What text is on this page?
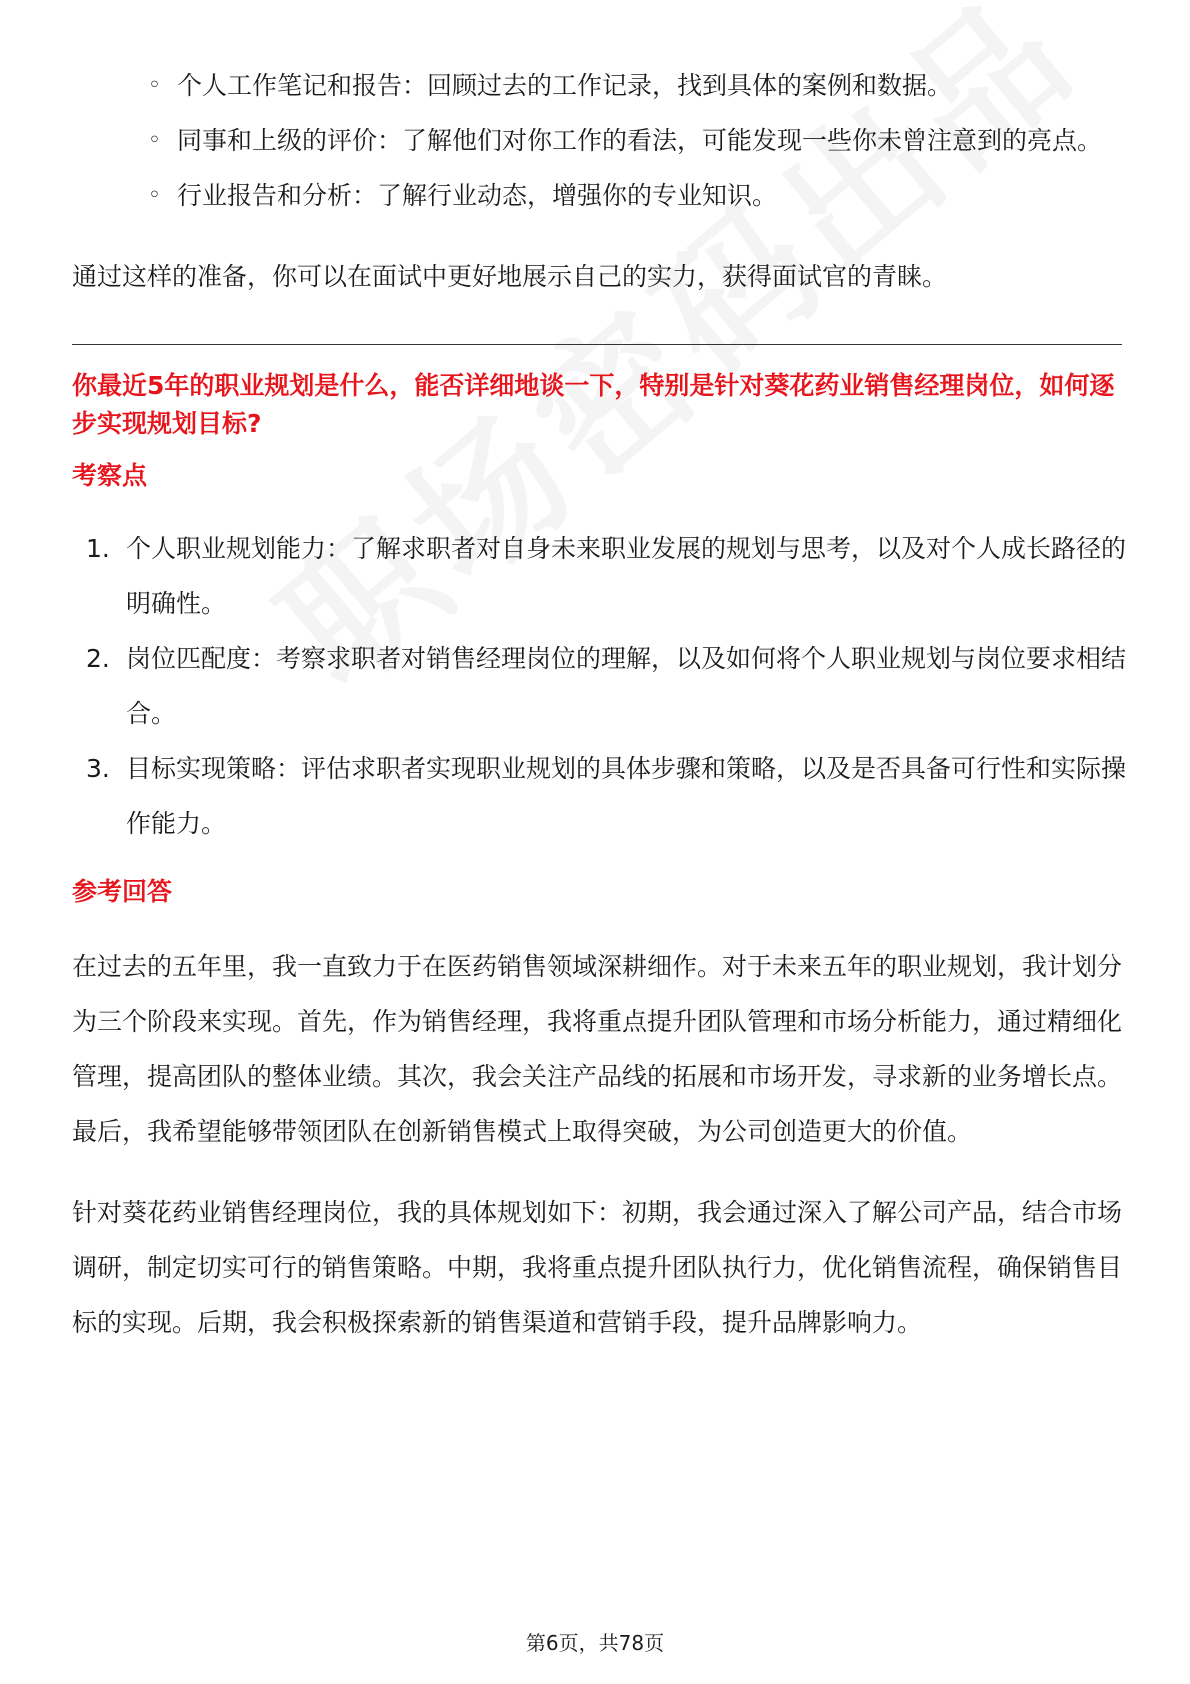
◦ 个人工作笔记和报告：回顾过去的工作记录，找到具体的案例和数据。
◦ 同事和上级的评价：了解他们对你工作的看法，可能发现一些你未曾注意到的亮点。
◦ 行业报告和分析：了解行业动态，增强你的专业知识。

通过这样的准备，你可以在面试中更好地展示自己的实力，获得面试官的青睐。

你最近5年的职业规划是什么，能否详细地谈一下，特别是针对葵花药业销售经理岗位，如何逐步实现规划目标?
考察点
1. 个人职业规划能力：了解求职者对自身未来职业发展的规划与思考，以及对个人成长路径的明确性。
2. 岗位匹配度：考察求职者对销售经理岗位的理解，以及如何将个人职业规划与岗位要求相结合。
3. 目标实现策略：评估求职者实现职业规划的具体步骤和策略，以及是否具备可行性和实际操作能力。
参考回答

在过去的五年里，我一直致力于在医药销售领域深耕细作。对于未来五年的职业规划，我计划分为三个阶段来实现。首先，作为销售经理，我将重点提升团队管理和市场分析能力，通过精细化管理，提高团队的整体业绩。其次，我会关注产品线的拓展和市场开发，寻求新的业务增长点。最后，我希望能够带领团队在创新销售模式上取得突破，为公司创造更大的价值。

针对葵花药业销售经理岗位，我的具体规划如下：初期，我会通过深入了解公司产品，结合市场调研，制定切实可行的销售策略。中期，我将重点提升团队执行力，优化销售流程，确保销售目标的实现。后期，我会积极探索新的销售渠道和营销手段，提升品牌影响力。

第6页，共78页
